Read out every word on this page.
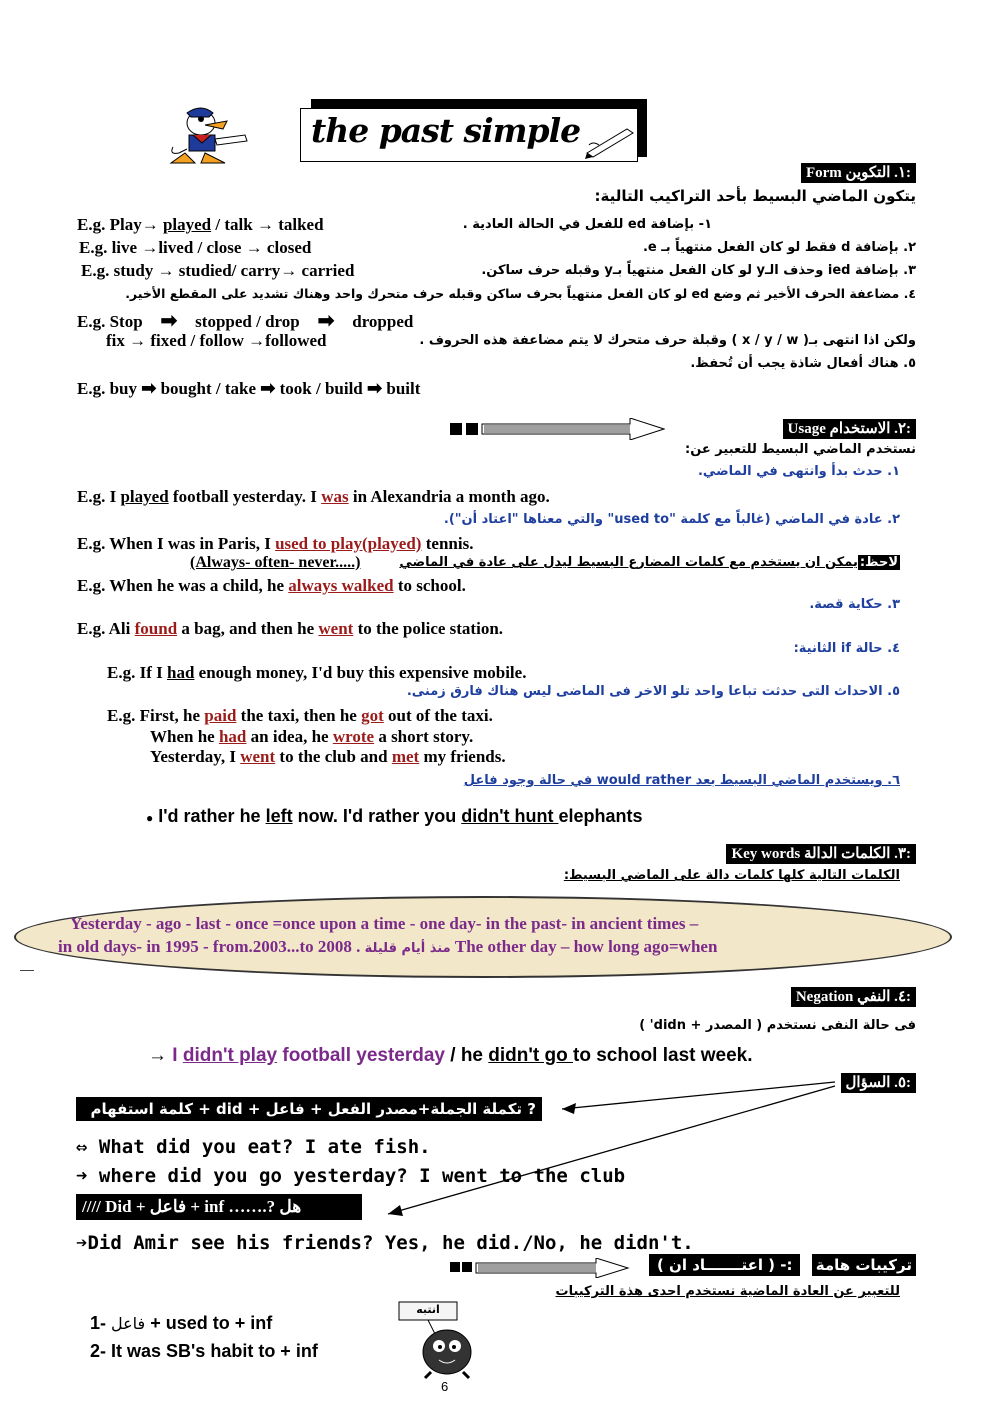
the past simple
Form ١. التكوين:
يتكون الماضي البسيط بأحد التراكيب التالية:
E.g. Play→ played / talk → talked	١- بإضافة ed للفعل في الحالة العادية .
E.g. live →lived / close → closed	٢. بإضافة d فقط لو كان الفعل منتهياً بـ e.
E.g. study → studied/ carry→ carried	٣. بإضافة ied وحذف الـy لو كان الفعل منتهياً بـy وقبله حرف ساكن.
٤. مضاعفة الحرف الأخير ثم وضع ed لو كان الفعل منتهياً بحرف ساكن وقبله حرف متحرك واحد وهناك تشديد على المقطع الأخير.
E.g. Stop ➡ stopped / drop ➡ dropped
ولكن اذا انتهى بـ( x / y / w ) وقبلة حرف متحرك لا يتم مضاعفة هذه الحروف .
fix → fixed / follow →followed
٥. هناك أفعال شاذة يجب أن تُحفظ.
E.g. buy ➡ bought / take ➡ took / build ➡ built
Usage ٢. الاستخدام:
نستخدم الماضي البسيط للتعبير عن:
١. حدث بدأ وانتهى في الماضي.
E.g. I played football yesterday. I was in Alexandria a month ago.
٢. عادة في الماضي (غالباً مع كلمة "used to" والتي معناها "اعتاد أن").
E.g. When I was in Paris, I used to play(played) tennis.
لاحظ:يمكن ان يستخدم مع كلمات المضارع البسيط ليدل على عادة في الماضي
(Always- often- never.....)
E.g. When he was a child, he always walked to school.
٣. حكاية قصة.
E.g. Ali found a bag, and then he went to the police station.
٤. حالة if الثانية:
E.g. If I had enough money, I'd buy this expensive mobile.
٥. الاحداث التى حدثت تباعا واحد تلو الاخر فى الماضى ليس هناك فارق زمنى.
E.g. First, he paid the taxi, then he got out of the taxi.
When he had an idea, he wrote a short story.
Yesterday, I went to the club and met my friends.
٦. ويستخدم الماضي البسيط بعد would rather في حالة وجود فاعل
● I'd rather he left now. I'd rather you didn't hunt elephants
Key words ٣. الكلمات الدالة:
الكلمات التالية كلها كلمات دالة على الماضي البسيط:
Yesterday - ago - last - once =once upon a time - one day- in the past- in ancient times –
in old days- in 1995 - from.2003...to 2008 . منذ أيام قليلة The other day – how long ago=when
Negation ٤. النفي:
فى حالة النفى نستخدم ( المصدر + didn' )
→ I didn't play football yesterday / he didn't go to school last week.
٥. السؤال:
? تكملة الجملة+مصدر الفعل + فاعل + did + كلمة استفهام
⇔ What did you eat? I ate fish.
➜ where did you go yesterday? I went to the club
//// Did + فاعل + inf …….? هل
➔Did Amir see his friends? Yes, he did./No, he didn't.
تركيبات هامة :- ( اعتـــــــاد ان )
للتعبير عن العادة الماضية نستخدم احدى هذة التركيبات
انتبه
1- فاعل + used to + inf
2- It was SB's habit to + inf
6
